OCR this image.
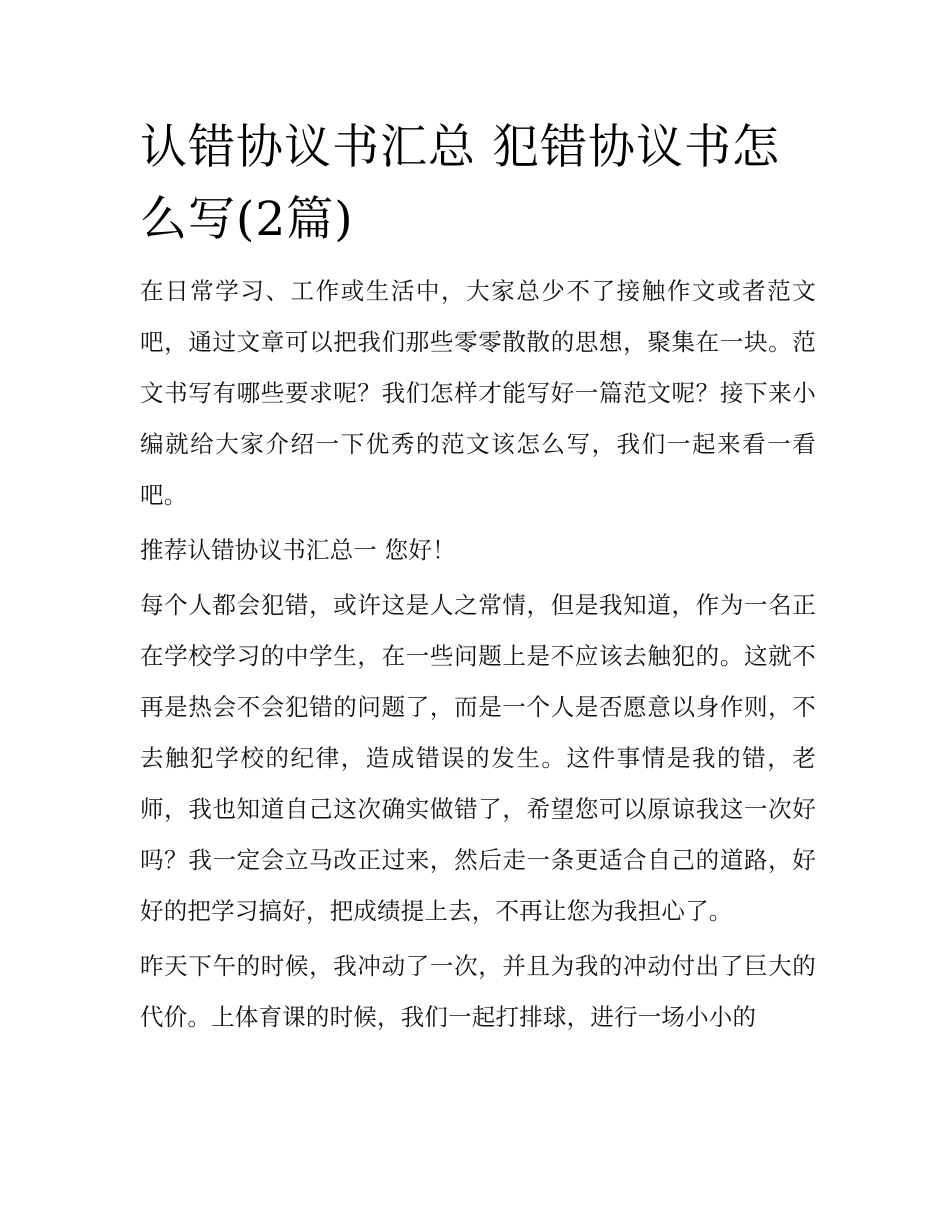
认错协议书汇总 犯错协议书怎么写(2篇)

在日常学习、工作或生活中，大家总少不了接触作文或者范文吧，通过文章可以把我们那些零零散散的思想，聚集在一块。范文书写有哪些要求呢？我们怎样才能写好一篇范文呢？接下来小编就给大家介绍一下优秀的范文该怎么写，我们一起来看一看吧。

推荐认错协议书汇总一 您好！

每个人都会犯错，或许这是人之常情，但是我知道，作为一名正在学校学习的中学生，在一些问题上是不应该去触犯的。这就不再是热会不会犯错的问题了，而是一个人是否愿意以身作则，不去触犯学校的纪律，造成错误的发生。这件事情是我的错，老师，我也知道自己这次确实做错了，希望您可以原谅我这一次好吗？我一定会立马改正过来，然后走一条更适合自己的道路，好好的把学习搞好，把成绩提上去，不再让您为我担心了。

昨天下午的时候，我冲动了一次，并且为我的冲动付出了巨大的代价。上体育课的时候，我们一起打排球，进行一场小小的
